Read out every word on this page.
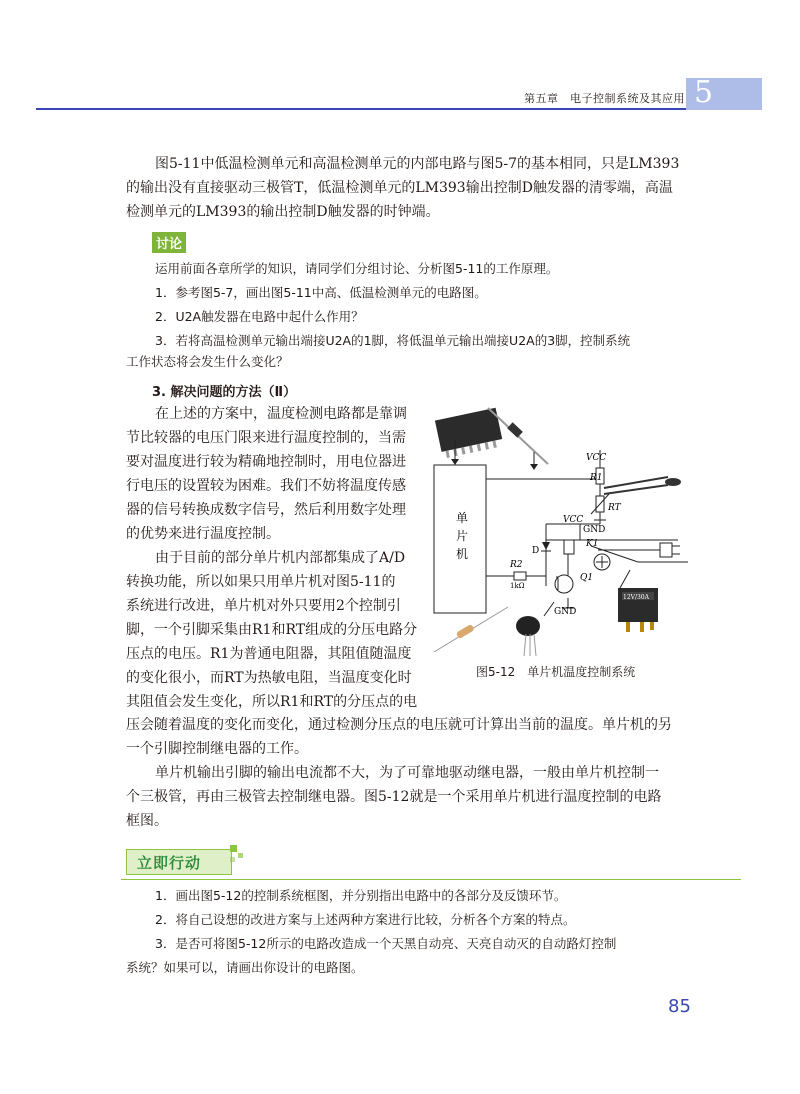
第五章　电子控制系统及其应用 5

图5-11中低温检测单元和高温检测单元的内部电路与图5-7的基本相同，只是LM393

的输出没有直接驱动三极管T，低温检测单元的LM393输出控制D触发器的清零端，高温

检测单元的LM393的输出控制D触发器的时钟端。

讨论

运用前面各章所学的知识，请同学们分组讨论、分析图5-11的工作原理。

1．参考图5-7，画出图5-11中高、低温检测单元的电路图。

2．U2A触发器在电路中起什么作用？

3．若将高温检测单元输出端接U2A的1脚，将低温单元输出端接U2A的3脚，控制系统

工作状态将会发生什么变化？

3. 解决问题的方法（Ⅱ）

在上述的方案中，温度检测电路都是靠调

节比较器的电压门限来进行温度控制的，当需

要对温度进行较为精确地控制时，用电位器进

行电压的设置较为困难。我们不妨将温度传感

器的信号转换成数字信号，然后利用数字处理

的优势来进行温度控制。

由于目前的部分单片机内部都集成了A/D

转换功能，所以如果只用单片机对图5-11的

系统进行改进，单片机对外只要用2个控制引

脚，一个引脚采集由R1和RT组成的分压电路分

压点的电压。R1为普通电阻器，其阻值随温度

的变化很小，而RT为热敏电阻，当温度变化时

其阻值会发生变化，所以R1和RT的分压点的电

压会随着温度的变化而变化，通过检测分压点的电压就可计算出当前的温度。单片机的另

一个引脚控制继电器的工作。

单片机输出引脚的输出电流都不大，为了可靠地驱动继电器，一般由单片机控制一

个三极管，再由三极管去控制继电器。图5-12就是一个采用单片机进行温度控制的电路

框图。

单
片
机
VCC
VCC
R1
RT
GND
D
K1
R2
1kΩ
Q1
GND
12V/30A
图5-12　单片机温度控制系统
立即行动

1．画出图5-12的控制系统框图，并分别指出电路中的各部分及反馈环节。

2．将自己设想的改进方案与上述两种方案进行比较，分析各个方案的特点。

3．是否可将图5-12所示的电路改造成一个天黑自动亮、天亮自动灭的自动路灯控制

系统？如果可以，请画出你设计的电路图。

85
